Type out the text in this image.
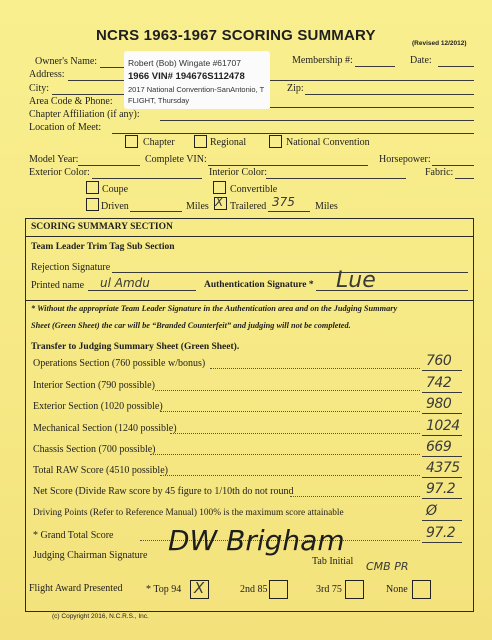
NCRS 1963-1967 SCORING SUMMARY	(Revised 12/2012)
Owner's Name:	Membership #:	Date:
Address:
City:	Zip:
Area Code & Phone:
Chapter Affiliation (if any):
Location of Meet:
Robert (Bob) Wingate #61707
1966 VIN# 194676S112478
2017 National Convention-SanAntonio, T
FLIGHT, Thursday
Chapter	Regional	National Convention
Model Year:	Complete VIN:	Horsepower:
Exterior Color:	Interior Color:	Fabric:
Coupe	Convertible
Driven	Miles X Trailered 375 Miles
SCORING SUMMARY SECTION
Team Leader Trim Tag Sub Section
Rejection Signature
Printed name ul Amdu	Authentication Signature * Lue
* Without the appropriate Team Leader Signature in the Authentication area and on the Judging Summary
Sheet (Green Sheet) the car will be “Branded Counterfeit” and judging will not be completed.
Transfer to Judging Summary Sheet (Green Sheet).
Operations Section (760 possible w/bonus)	760
Interior Section (790 possible)	742
Exterior Section (1020 possible)	980
Mechanical Section (1240 possible)	1024
Chassis Section (700 possible)	669
Total RAW Score (4510 possible)	4375
Net Score (Divide Raw score by 45 figure to 1/10th do not round	97.2
Driving Points (Refer to Reference Manual) 100% is the maximum score attainable	Ø
* Grand Total Score	97.2
Judging Chairman Signature DW Brigham
Tab Initial CMB PR
Flight Award Presented * Top 94 X	2nd 85	3rd 75	None
(c) Copyright 2016, N.C.R.S., Inc.
